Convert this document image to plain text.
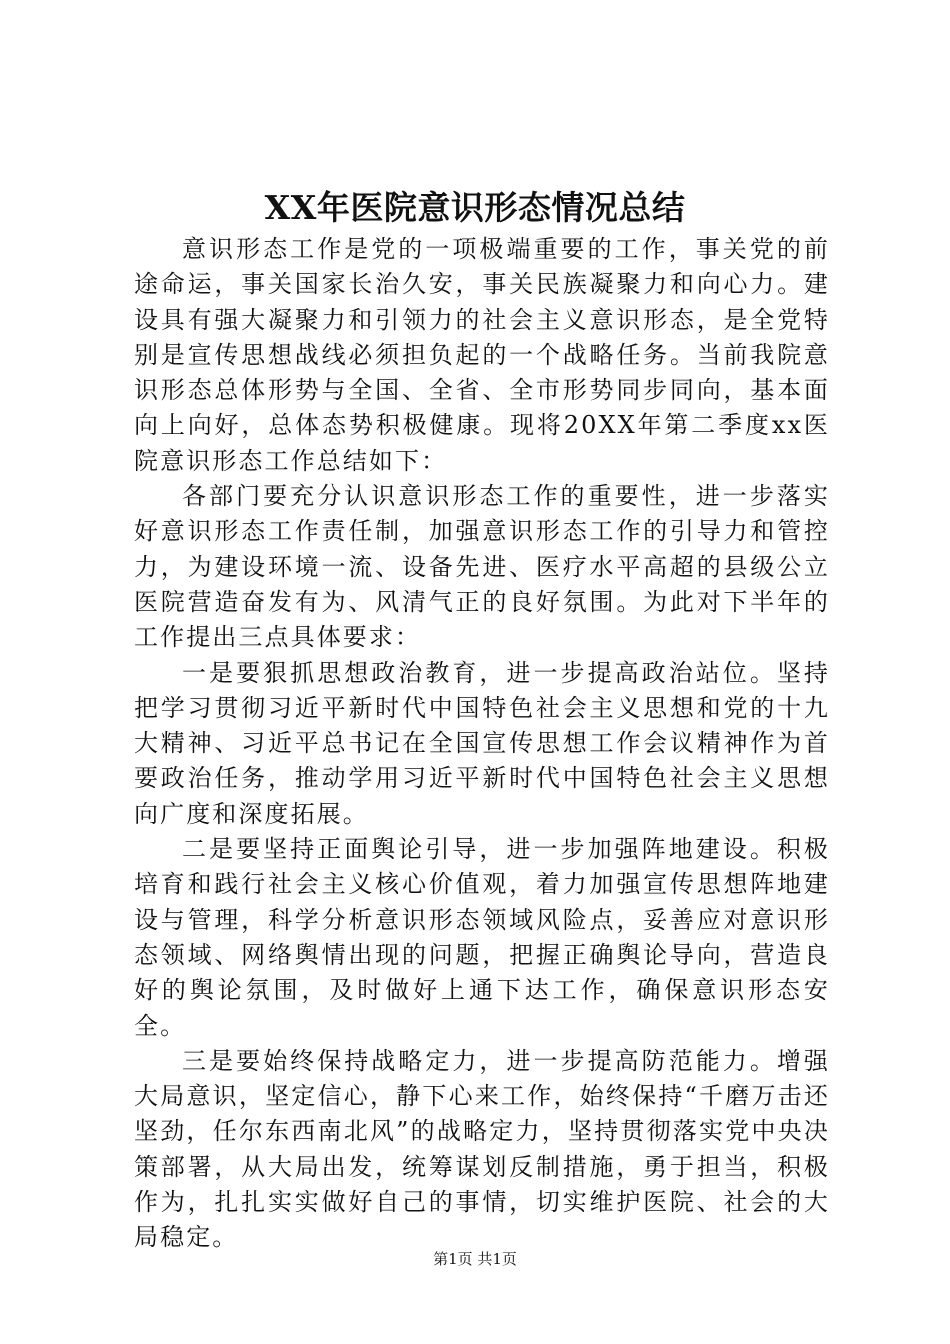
XX年医院意识形态情况总结

意识形态工作是党的一项极端重要的工作，事关党的前途命运，事关国家长治久安，事关民族凝聚力和向心力。建设具有强大凝聚力和引领力的社会主义意识形态，是全党特别是宣传思想战线必须担负起的一个战略任务。当前我院意识形态总体形势与全国、全省、全市形势同步同向，基本面向上向好，总体态势积极健康。现将20XX年第二季度xx医院意识形态工作总结如下：

各部门要充分认识意识形态工作的重要性，进一步落实好意识形态工作责任制，加强意识形态工作的引导力和管控力，为建设环境一流、设备先进、医疗水平高超的县级公立医院营造奋发有为、风清气正的良好氛围。为此对下半年的工作提出三点具体要求：

一是要狠抓思想政治教育，进一步提高政治站位。坚持把学习贯彻习近平新时代中国特色社会主义思想和党的十九大精神、习近平总书记在全国宣传思想工作会议精神作为首要政治任务，推动学用习近平新时代中国特色社会主义思想向广度和深度拓展。

二是要坚持正面舆论引导，进一步加强阵地建设。积极培育和践行社会主义核心价值观，着力加强宣传思想阵地建设与管理，科学分析意识形态领域风险点，妥善应对意识形态领域、网络舆情出现的问题，把握正确舆论导向，营造良好的舆论氛围，及时做好上通下达工作，确保意识形态安全。

三是要始终保持战略定力，进一步提高防范能力。增强大局意识，坚定信心，静下心来工作，始终保持“千磨万击还坚劲，任尔东西南北风”的战略定力，坚持贯彻落实党中央决策部署，从大局出发，统筹谋划反制措施，勇于担当，积极作为，扎扎实实做好自己的事情，切实维护医院、社会的大局稳定。

第1页 共1页
